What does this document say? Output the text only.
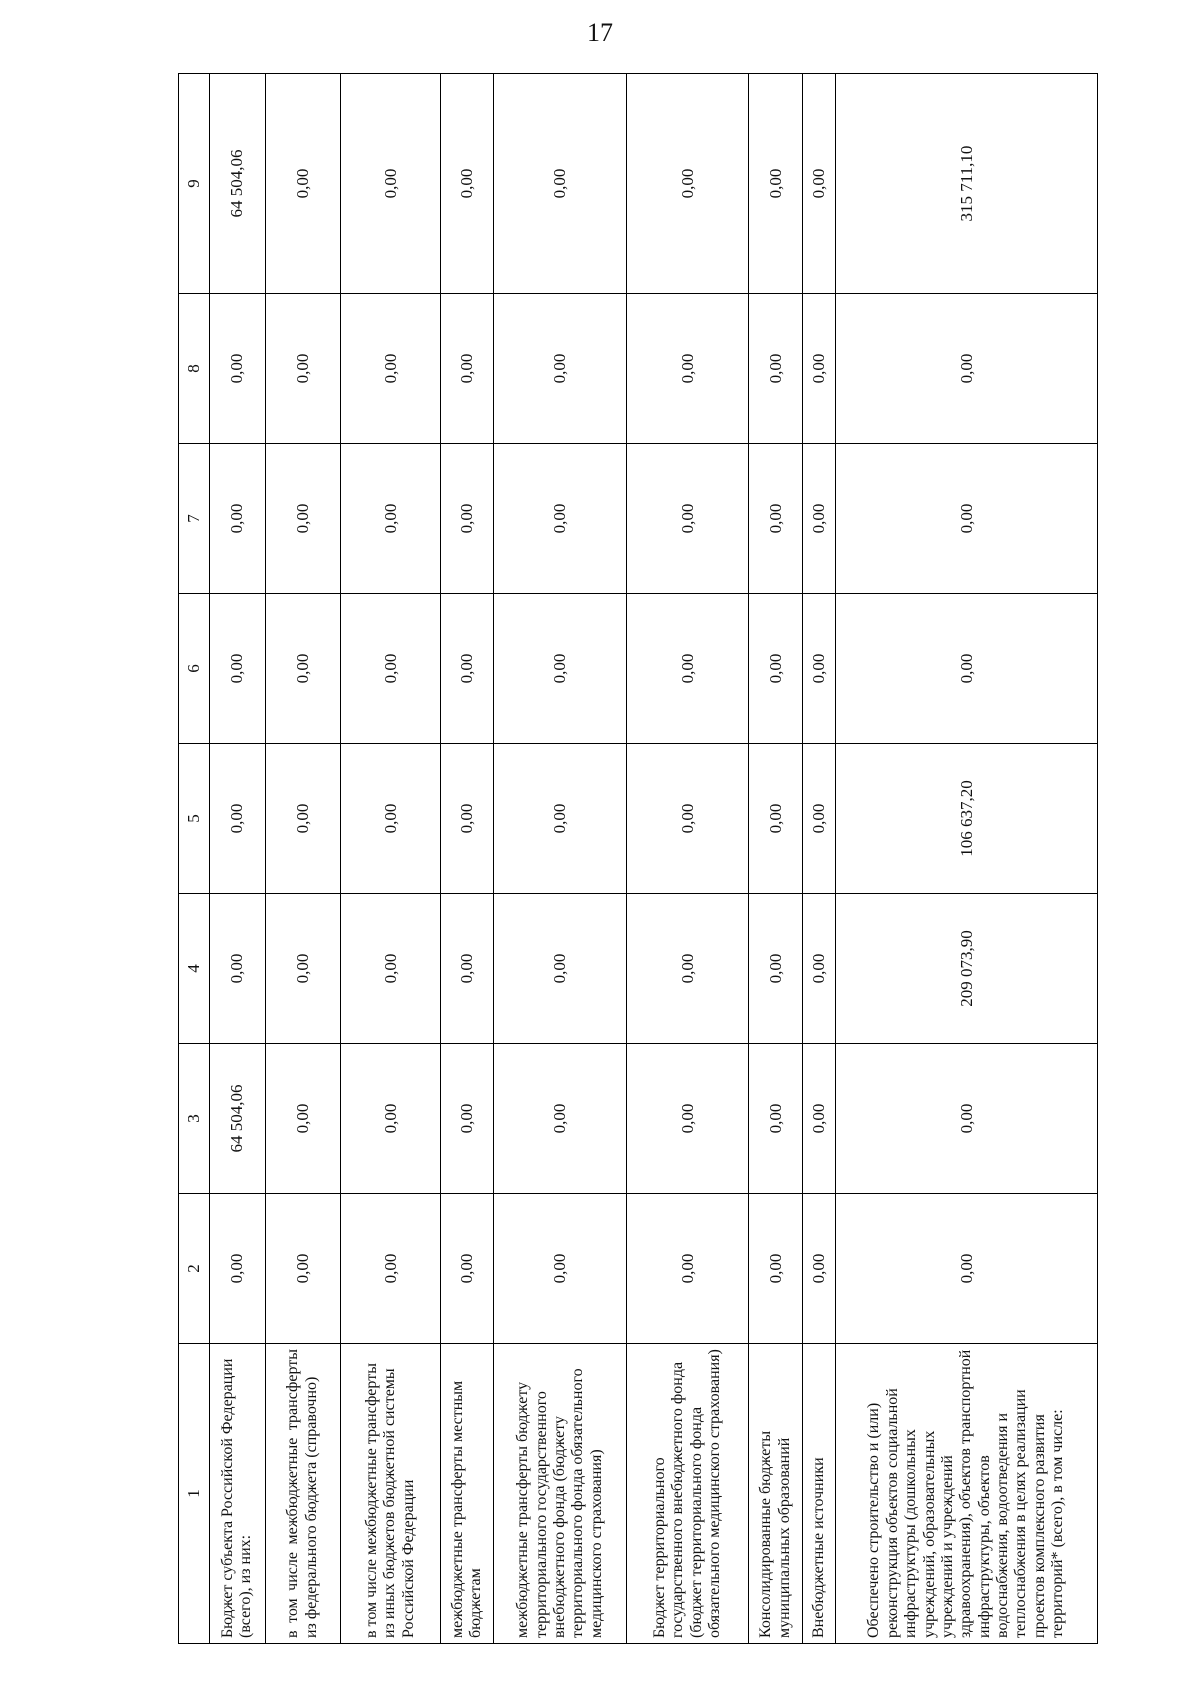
17
1	2	3	4	5	6	7	8	9
Бюджет субъекта Российской Федерации (всего), из них:	0,00	64 504,06	0,00	0,00	0,00	0,00	0,00	64 504,06
в том числе межбюджетные трансферты из федерального бюджета (справочно)	0,00	0,00	0,00	0,00	0,00	0,00	0,00	0,00
в том числе межбюджетные трансферты из иных бюджетов бюджетной системы Российской Федерации	0,00	0,00	0,00	0,00	0,00	0,00	0,00	0,00
межбюджетные трансферты местным бюджетам	0,00	0,00	0,00	0,00	0,00	0,00	0,00	0,00
межбюджетные трансферты бюджету территориального государственного внебюджетного фонда (бюджету территориального фонда обязательного медицинского страхования)	0,00	0,00	0,00	0,00	0,00	0,00	0,00	0,00
Бюджет территориального государственного внебюджетного фонда (бюджет территориального фонда обязательного медицинского страхования)	0,00	0,00	0,00	0,00	0,00	0,00	0,00	0,00
Консолидированные бюджеты муниципальных образований	0,00	0,00	0,00	0,00	0,00	0,00	0,00	0,00
Внебюджетные источники	0,00	0,00	0,00	0,00	0,00	0,00	0,00	0,00
Обеспечено строительство и (или) реконструкция объектов социальной инфраструктуры (дошкольных учреждений, образовательных учреждений и учреждений здравоохранения), объектов транспортной инфраструктуры, объектов водоснабжения, водоотведения и теплоснабжения в целях реализации проектов комплексного развития территорий* (всего), в том числе:	0,00	0,00	209 073,90	106 637,20	0,00	0,00	0,00	315 711,10
